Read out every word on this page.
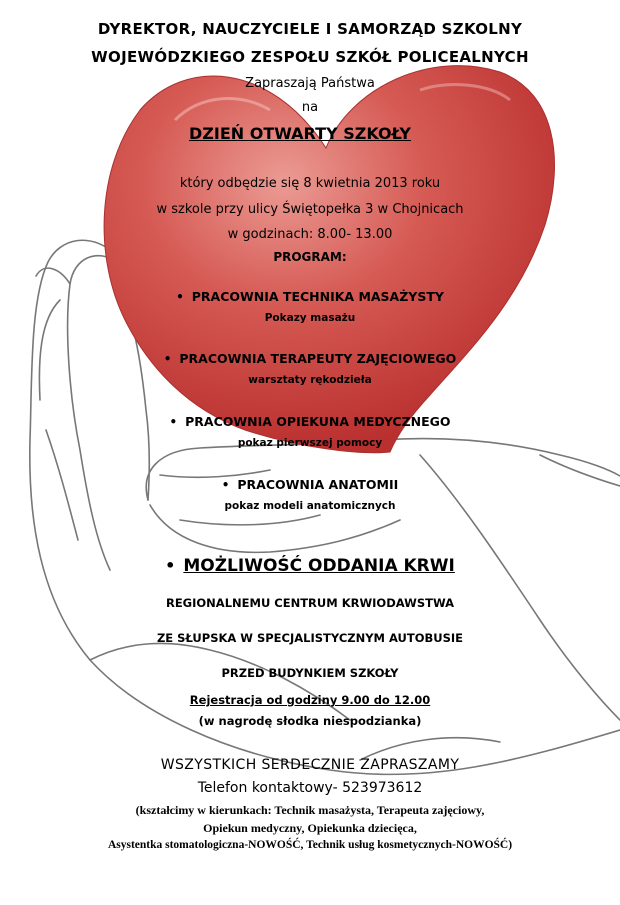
DYREKTOR, NAUCZYCIELE I SAMORZĄD SZKOLNY
WOJEWÓDZKIEGO ZESPOŁU SZKÓŁ POLICEALNYCH
Zapraszają Państwa
na
DZIEŃ OTWARTY SZKOŁY
który odbędzie się 8 kwietnia 2013 roku
w szkole przy ulicy Świętopełka 3 w Chojnicach
w godzinach: 8.00- 13.00
PROGRAM:
• PRACOWNIA TECHNIKA MASAŻYSTY
Pokazy masażu
• PRACOWNIA TERAPEUTY ZAJĘCIOWEGO
warsztaty rękodzieła
• PRACOWNIA OPIEKUNA MEDYCZNEGO
pokaz pierwszej pomocy
• PRACOWNIA ANATOMII
pokaz modeli anatomicznych
• MOŻLIWOŚĆ ODDANIA KRWI
REGIONALNEMU CENTRUM KRWIODAWSTWA
ZE SŁUPSKA W SPECJALISTYCZNYM AUTOBUSIE
PRZED BUDYNKIEM SZKOŁY
Rejestracja od godziny 9.00 do 12.00
(w nagrodę słodka niespodzianka)
WSZYSTKICH SERDECZNIE ZAPRASZAMY
Telefon kontaktowy- 523973612
(kształcimy w kierunkach: Technik masażysta, Terapeuta zajęciowy,
Opiekun medyczny, Opiekunka dziecięca,
Asystentka stomatologiczna-NOWOŚĆ, Technik usług kosmetycznych-NOWOŚĆ)
